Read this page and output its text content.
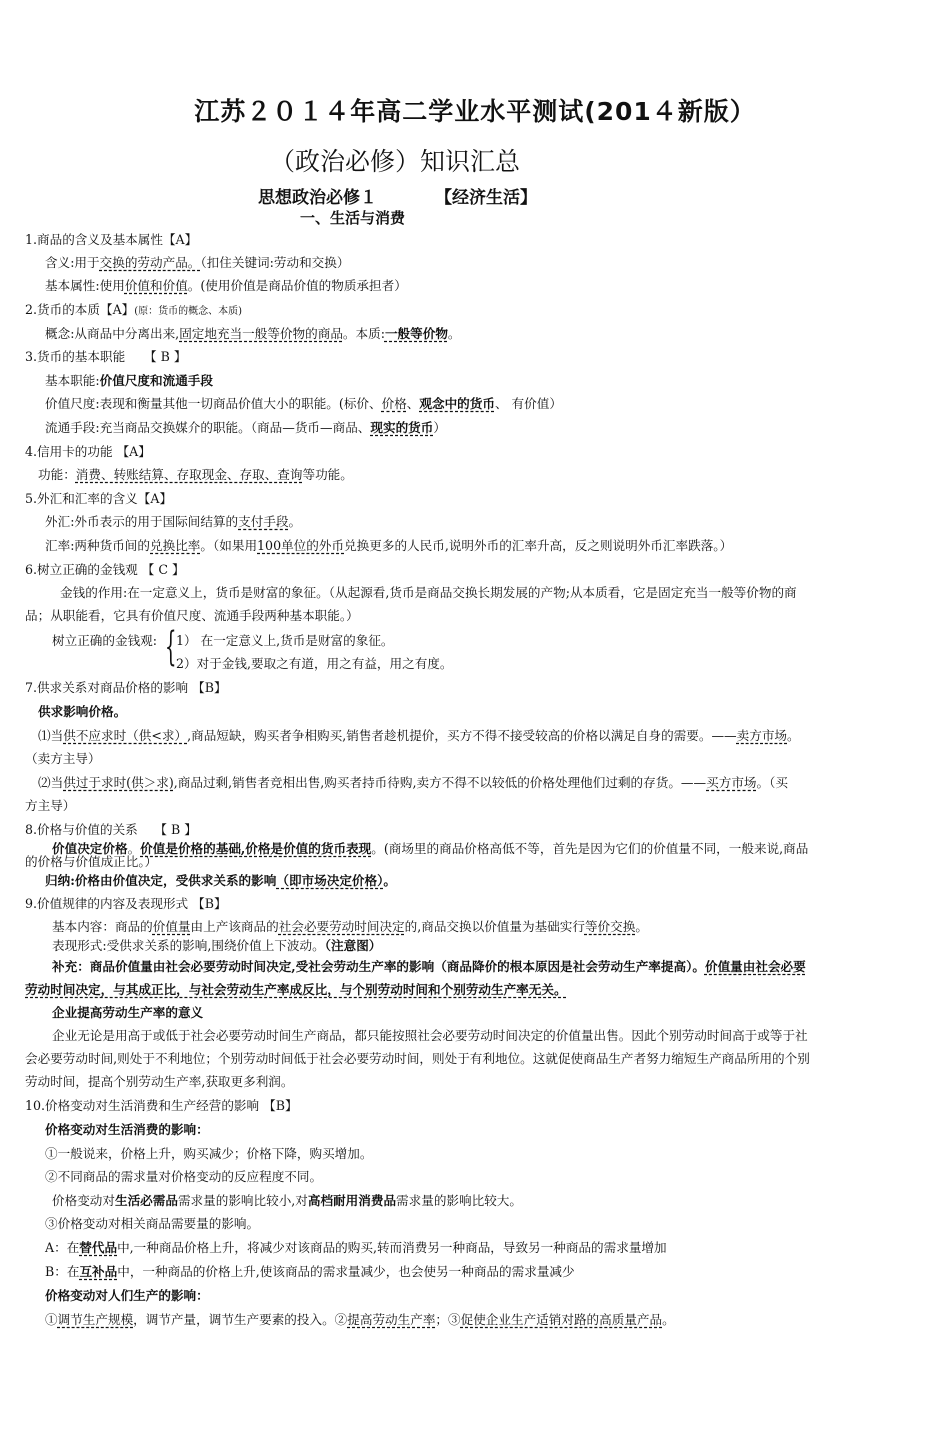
江苏２０１４年高二学业水平测试(201４新版）
（政治必修）知识汇总
思想政治必修１	【经济生活】
一、生活与消费
1.商品的含义及基本属性【A】
含义:用于交换的劳动产品。（扣住关键词:劳动和交换）
基本属性:使用价值和价值。(使用价值是商品价值的物质承担者）
2.货币的本质【A】(原：货币的概念、本质)
概念:从商品中分离出来,固定地充当一般等价物的商品。本质:一般等价物。
3.货币的基本职能　　【 B 】
基本职能:价值尺度和流通手段
价值尺度:表现和衡量其他一切商品价值大小的职能。(标价、价格、观念中的货币、 有价值）
流通手段:充当商品交换媒介的职能。（商品—货币—商品、现实的货币）
4.信用卡的功能 【A】
功能：消费、转账结算、存取现金、存取、查询等功能。
5.外汇和汇率的含义【A】
外汇:外币表示的用于国际间结算的支付手段。
汇率:两种货币间的兑换比率。（如果用100单位的外币兑换更多的人民币,说明外币的汇率升高，反之则说明外币汇率跌落。）
6.树立正确的金钱观 【 C 】
金钱的作用:在一定意义上，货币是财富的象征。（从起源看,货币是商品交换长期发展的产物;从本质看，它是固定充当一般等价物的商
品；从职能看，它具有价值尺度、流通手段两种基本职能。）
树立正确的金钱观: { 1） 在一定意义上,货币是财富的象征。
2）对于金钱,要取之有道，用之有益，用之有度。
7.供求关系对商品价格的影响 【B】
供求影响价格。
⑴当供不应求时（供<求）,商品短缺，购买者争相购买,销售者趁机提价，买方不得不接受较高的价格以满足自身的需要。——卖方市场。
（卖方主导）
⑵当供过于求时(供＞求),商品过剩,销售者竞相出售,购买者持币待购,卖方不得不以较低的价格处理他们过剩的存货。——买方市场。（买
方主导）
8.价格与价值的关系　 【 B 】
价值决定价格。价值是价格的基础,价格是价值的货币表现。(商场里的商品价格高低不等，首先是因为它们的价值量不同，一般来说,商品
的价格与价值成正比。）
归纳:价格由价值决定，受供求关系的影响（即市场决定价格）。
9.价值规律的内容及表现形式 【B】
基本内容：商品的价值量由上产该商品的社会必要劳动时间决定的,商品交换以价值量为基础实行等价交换。
表现形式:受供求关系的影响,围绕价值上下波动。（注意图）
补充：商品价值量由社会必要劳动时间决定,受社会劳动生产率的影响（商品降价的根本原因是社会劳动生产率提高）。价值量由社会必要
劳动时间决定，与其成正比，与社会劳动生产率成反比，与个别劳动时间和个别劳动生产率无关。
企业提高劳动生产率的意义
企业无论是用高于或低于社会必要劳动时间生产商品，都只能按照社会必要劳动时间决定的价值量出售。因此个别劳动时间高于或等于社
会必要劳动时间,则处于不利地位；个别劳动时间低于社会必要劳动时间，则处于有利地位。这就促使商品生产者努力缩短生产商品所用的个别
劳动时间，提高个别劳动生产率,获取更多利润。
10.价格变动对生活消费和生产经营的影响 【B】
价格变动对生活消费的影响：
①一般说来，价格上升，购买减少；价格下降，购买增加。
②不同商品的需求量对价格变动的反应程度不同。
价格变动对生活必需品需求量的影响比较小,对高档耐用消费品需求量的影响比较大。
③价格变动对相关商品需要量的影响。
A：在替代品中,一种商品价格上升，将减少对该商品的购买,转而消费另一种商品，导致另一种商品的需求量增加
B：在互补品中，一种商品的价格上升,使该商品的需求量减少，也会使另一种商品的需求量减少
价格变动对人们生产的影响：
①调节生产规模，调节产量，调节生产要素的投入。②提高劳动生产率；③促使企业生产适销对路的高质量产品。
